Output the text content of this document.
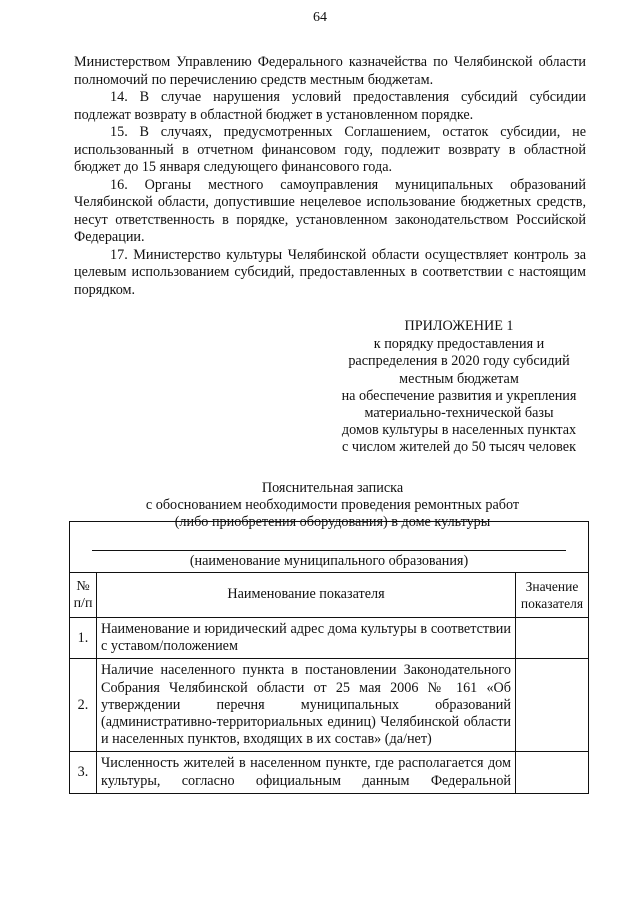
64

Министерством Управлению Федерального казначейства по Челябинской области полномочий по перечислению средств местным бюджетам.

14. В случае нарушения условий предоставления субсидий субсидии подлежат возврату в областной бюджет в установленном порядке.

15. В случаях, предусмотренных Соглашением, остаток субсидии, не использованный в отчетном финансовом году, подлежит возврату в областной бюджет до 15 января следующего финансового года.

16. Органы местного самоуправления муниципальных образований Челябинской области, допустившие нецелевое использование бюджетных средств, несут ответственность в порядке, установленном законодательством Российской Федерации.

17. Министерство культуры Челябинской области осуществляет контроль за целевым использованием субсидий, предоставленных в соответствии с настоящим порядком.

ПРИЛОЖЕНИЕ 1
к порядку предоставления и
распределения в 2020 году субсидий
местным бюджетам
на обеспечение развития и укрепления
материально-технической базы
домов культуры в населенных пунктах
с числом жителей до 50 тысяч человек
Пояснительная записка
с обоснованием необходимости проведения ремонтных работ
(либо приобретения оборудования) в доме культуры
(наименование муниципального образования)		

№ п/п	Наименование показателя	Значение показателя
1.	Наименование и юридический адрес дома культуры в соответствии с уставом/положением	
2.	Наличие населенного пункта в постановлении Законодательного Собрания Челябинской области от 25 мая 2006 № 161 «Об утверждении перечня муниципальных образований (административно-территориальных единиц) Челябинской области и населенных пунктов, входящих в их состав» (да/нет)	
3.	Численность жителей в населенном пункте, где располагается дом культуры, согласно официальным данным Федеральной	
